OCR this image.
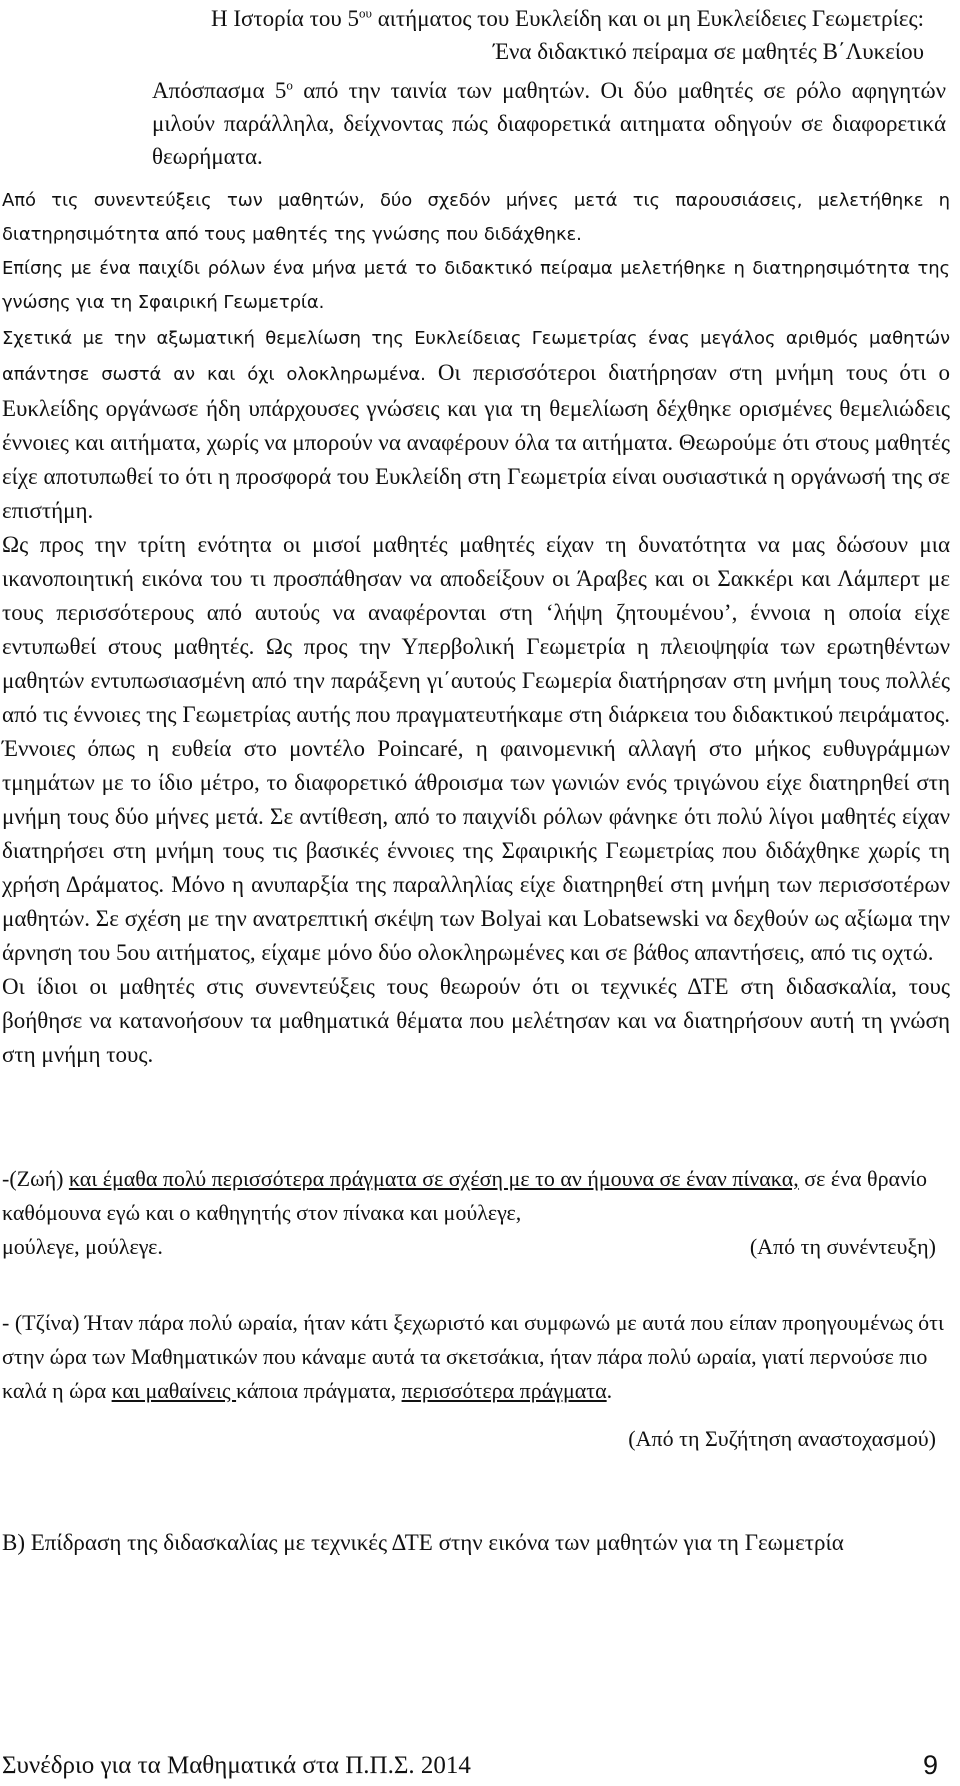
Η Ιστορία του $5^{o\upsilon}$ αιτήματος του Ευκλείδη και οι μη Ευκλείδειες Γεωμετρίες:
Ένα διδακτικό πείραμα σε μαθητές Β΄Λυκείου
Απόσπασμα $5^o$ από την ταινία των μαθητών. Οι δύο μαθητές σε ρόλο αφηγητών μιλούν παράλληλα, δείχνοντας πώς διαφορετικά αιτηματα οδηγούν σε διαφορετικά θεωρήματα.

Από τις συνεντεύξεις των μαθητών, δύο σχεδόν μήνες μετά τις παρουσιάσεις, μελετήθηκε η διατηρησιμότητα από τους μαθητές της γνώσης που διδάχθηκε.

Επίσης με ένα παιχίδι ρόλων ένα μήνα μετά το διδακτικό πείραμα μελετήθηκε η διατηρησιμότητα της γνώσης για τη Σφαιρική Γεωμετρία.

Σχετικά με την αξωματική θεμελίωση της Ευκλείδειας Γεωμετρίας ένας μεγάλος αριθμός μαθητών απάντησε σωστά αν και όχι ολοκληρωμένα. Οι περισσότεροι διατήρησαν στη μνήμη τους ότι ο Ευκλείδης οργάνωσε ήδη υπάρχουσες γνώσεις και για τη θεμελίωση δέχθηκε ορισμένες θεμελιώδεις έννοιες και αιτήματα, χωρίς να μπορούν να αναφέρουν όλα τα αιτήματα. Θεωρούμε ότι στους μαθητές είχε αποτυπωθεί το ότι η προσφορά του Ευκλείδη στη Γεωμετρία είναι ουσιαστικά η οργάνωσή της σε επιστήμη.

Ως προς την τρίτη ενότητα οι μισοί μαθητές μαθητές είχαν τη δυνατότητα να μας δώσουν μια ικανοποιητική εικόνα του τι προσπάθησαν να αποδείξουν οι Άραβες και οι Σακκέρι και Λάμπερτ με τους περισσότερους από αυτούς να αναφέρονται στη ‘λήψη ζητουμένου’, έννοια η οποία είχε εντυπωθεί στους μαθητές. Ως προς την Υπερβολική Γεωμετρία η πλειοψηφία των ερωτηθέντων μαθητών εντυπωσιασμένη από την παράξενη γι΄αυτούς Γεωμερία διατήρησαν στη μνήμη τους πολλές από τις έννοιες της Γεωμετρίας αυτής που πραγματευτήκαμε στη διάρκεια του διδακτικού πειράματος. Έννοιες όπως η ευθεία στο μοντέλο Poincaré, η φαινομενική αλλαγή στο μήκος ευθυγράμμων τμημάτων με το ίδιο μέτρο, το διαφορετικό άθροισμα των γωνιών ενός τριγώνου είχε διατηρηθεί στη μνήμη τους δύο μήνες μετά. Σε αντίθεση, από το παιχνίδι ρόλων φάνηκε ότι πολύ λίγοι μαθητές είχαν διατηρήσει στη μνήμη τους τις βασικές έννοιες της Σφαιρικής Γεωμετρίας που διδάχθηκε χωρίς τη χρήση Δράματος. Μόνο η ανυπαρξία της παραλληλίας είχε διατηρηθεί στη μνήμη των περισσοτέρων μαθητών. Σε σχέση με την ανατρεπτική σκέψη των Bolyai και Lobatsewski να δεχθούν ως αξίωμα την άρνηση του 5ου αιτήματος, είχαμε μόνο δύο ολοκληρωμένες και σε βάθος απαντήσεις, από τις οχτώ.

Οι ίδιοι οι μαθητές στις συνεντεύξεις τους θεωρούν ότι οι τεχνικές ΔΤΕ στη διδασκαλία, τους βοήθησε να κατανοήσουν τα μαθηματικά θέματα που μελέτησαν και να διατηρήσουν αυτή τη γνώση στη μνήμη τους.

-(Ζωή) και έμαθα πολύ περισσότερα πράγματα σε σχέση με το αν ήμουνα σε έναν πίνακα, σε ένα θρανίο καθόμουνα εγώ και ο καθηγητής στον πίνακα και μούλεγε,

μούλεγε, μούλεγε.	(Από τη συνέντευξη)

- (Τζίνα) Ήταν πάρα πολύ ωραία, ήταν κάτι ξεχωριστό και συμφωνώ με αυτά που είπαν προηγουμένως ότι στην ώρα των Μαθηματικών που κάναμε αυτά τα σκετσάκια, ήταν πάρα πολύ ωραία, γιατί περνούσε πιο καλά η ώρα και μαθαίνεις κάποια πράγματα, περισσότερα πράγματα.

(Από τη Συζήτηση αναστοχασμού)
Β) Επίδραση της διδασκαλίας με τεχνικές ΔΤΕ στην εικόνα των μαθητών για τη Γεωμετρία
Συνέδριο για τα Μαθηματικά στα Π.Π.Σ. 2014	9
